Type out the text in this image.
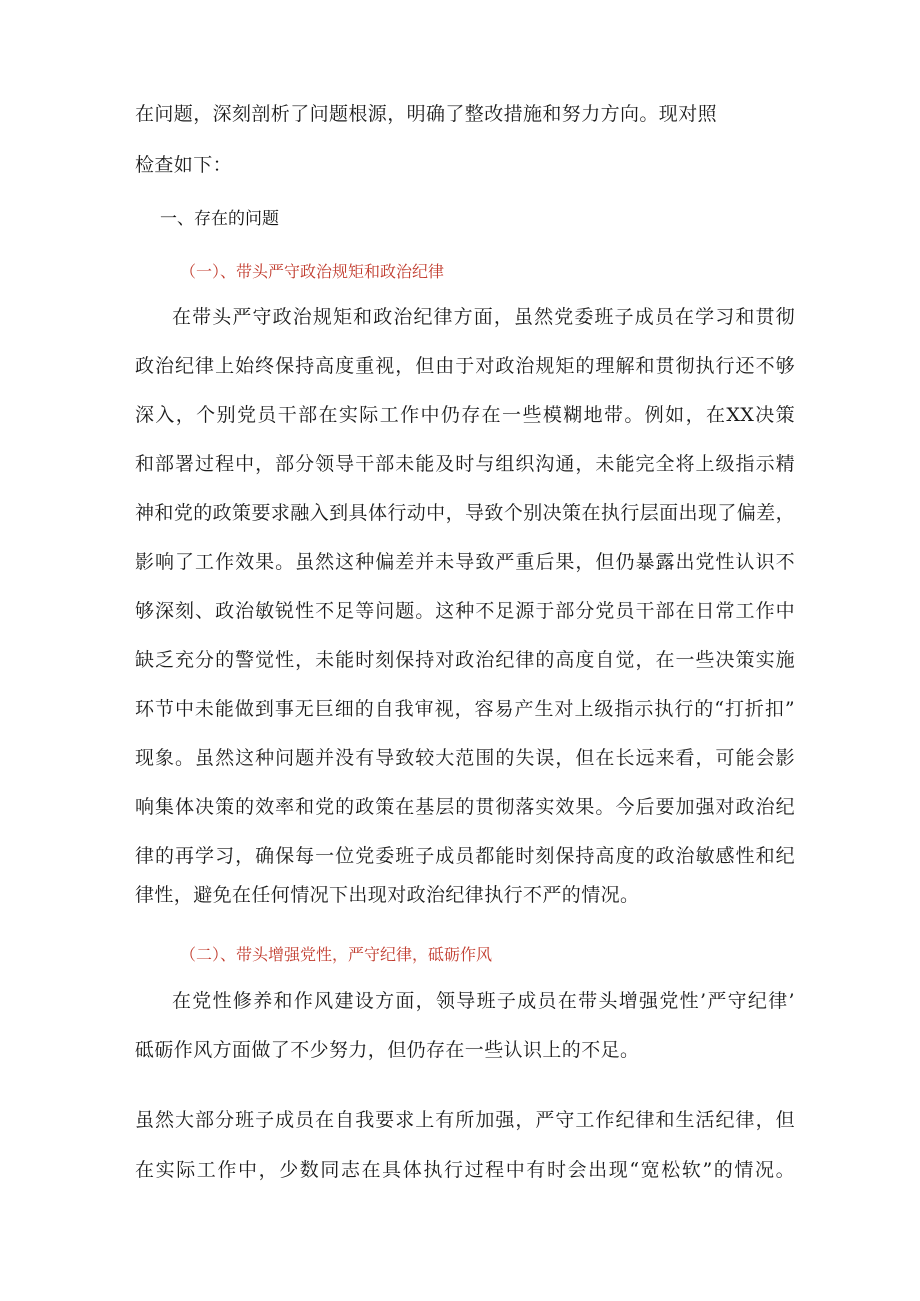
在问题，深刻剖析了问题根源，明确了整改措施和努力方向。现对照
检查如下：
一、存在的问题
（一）、带头严守政治规矩和政治纪律
在带头严守政治规矩和政治纪律方面，虽然党委班子成员在学习和贯彻
政治纪律上始终保持高度重视，但由于对政治规矩的理解和贯彻执行还不够
深入，个别党员干部在实际工作中仍存在一些模糊地带。例如，在XX决策
和部署过程中，部分领导干部未能及时与组织沟通，未能完全将上级指示精
神和党的政策要求融入到具体行动中，导致个别决策在执行层面出现了偏差，
影响了工作效果。虽然这种偏差并未导致严重后果，但仍暴露出党性认识不
够深刻、政治敏锐性不足等问题。这种不足源于部分党员干部在日常工作中
缺乏充分的警觉性，未能时刻保持对政治纪律的高度自觉，在一些决策实施
环节中未能做到事无巨细的自我审视，容易产生对上级指示执行的“打折扣”
现象。虽然这种问题并没有导致较大范围的失误，但在长远来看，可能会影
响集体决策的效率和党的政策在基层的贯彻落实效果。今后要加强对政治纪
律的再学习，确保每一位党委班子成员都能时刻保持高度的政治敏感性和纪
律性，避免在任何情况下出现对政治纪律执行不严的情况。
（二）、带头增强党性，严守纪律，砥砺作风
在党性修养和作风建设方面，领导班子成员在带头增强党性’严守纪律’
砥砺作风方面做了不少努力，但仍存在一些认识上的不足。
虽然大部分班子成员在自我要求上有所加强，严守工作纪律和生活纪律，但
在实际工作中，少数同志在具体执行过程中有时会出现“宽松软”的情况。
